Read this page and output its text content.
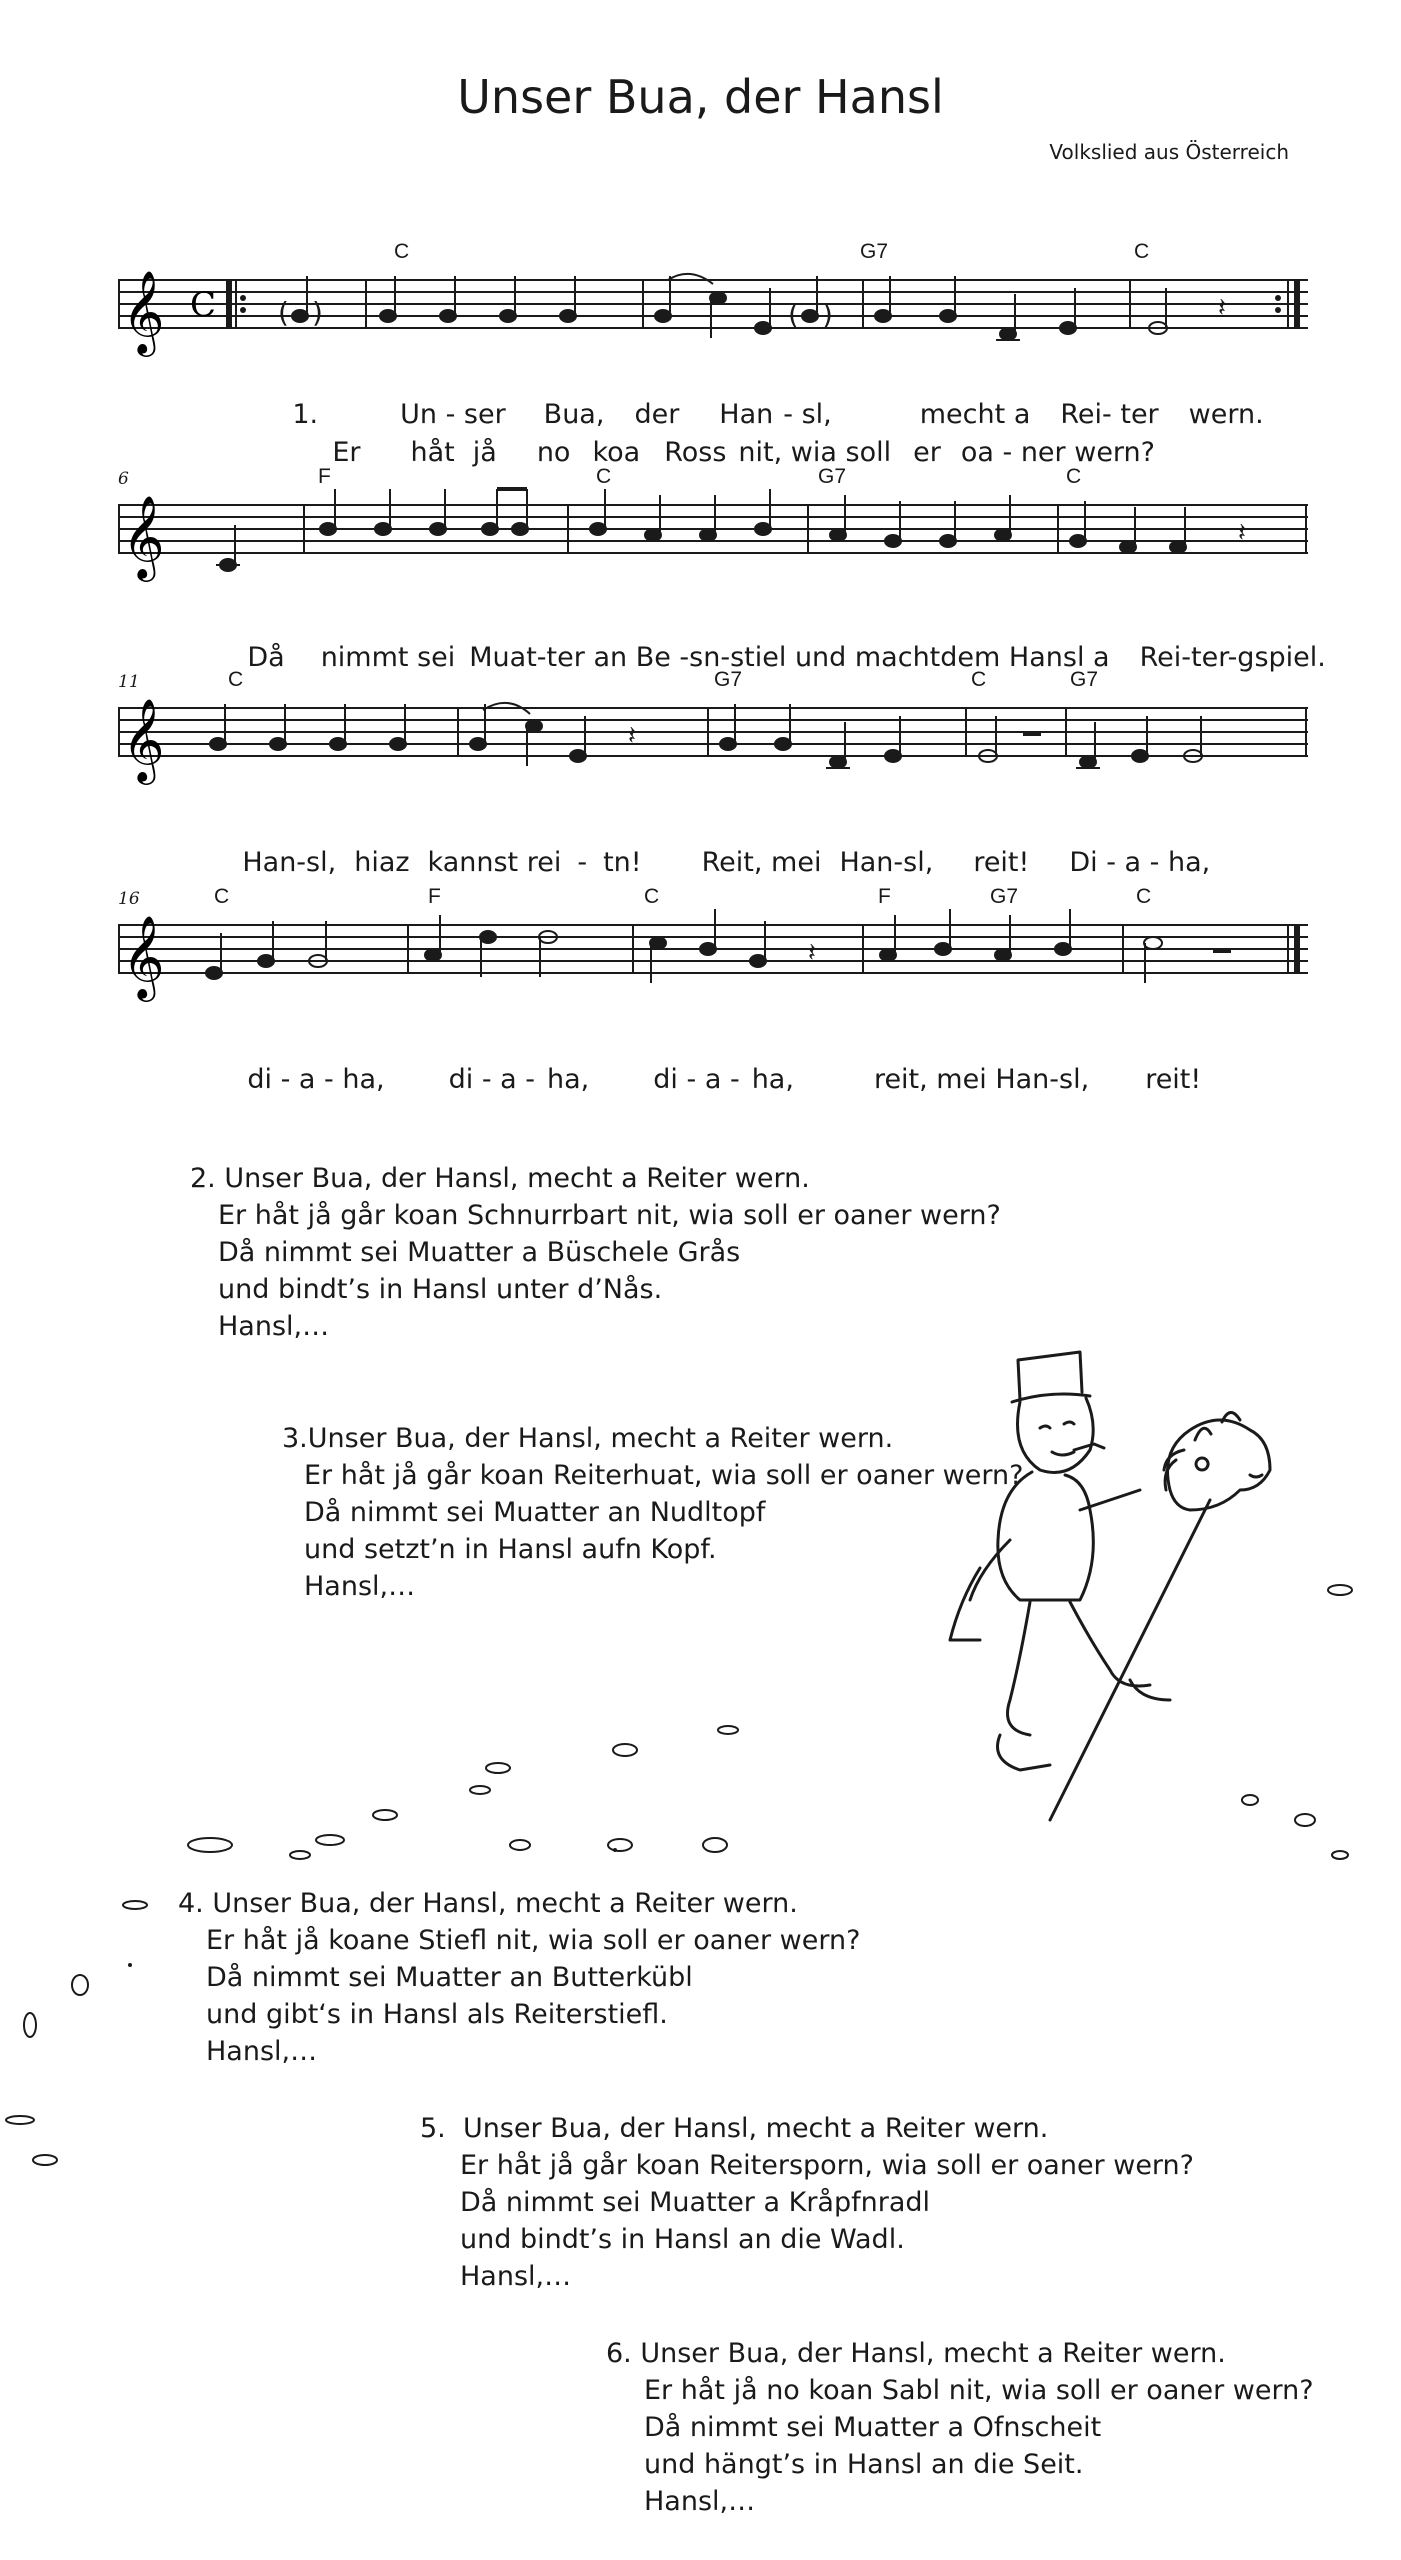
Unser Bua, der Hansl
Volkslied aus Österreich
C	G7	C
𝄞 C ( )	( )	𝄽

1.	Un - ser Bua, der Han - sl,	mecht a Rei- ter wern.

Er håt jå no koa Ross nit, wia soll er oa - ner wern?

6	F	C	G7	C
𝄞	𝄽

Då nimmt sei Muat-ter an Be -sn-stiel und machtdem Hansl a Rei-ter-gspiel.

11	C	G7	C	G7
𝄞	𝄽

Han-sl, hiaz kannst rei - tn! Reit, mei Han-sl, reit! Di - a - ha,

16	C	F	C	F	G7	C
𝄞	𝄽

di - a - ha, di - a - ha, di - a - ha,	reit, mei Han-sl, reit!

2. Unser Bua, der Hansl, mecht a Reiter wern.
Er håt jå går koan Schnurrbart nit, wia soll er oaner wern?
Då nimmt sei Muatter a Büschele Grås
und bindt’s in Hansl unter d’Nås.
Hansl,…
3.Unser Bua, der Hansl, mecht a Reiter wern.
Er håt jå går koan Reiterhuat, wia soll er oaner wern?
Då nimmt sei Muatter an Nudltopf
und setzt’n in Hansl aufn Kopf.
Hansl,…
4. Unser Bua, der Hansl, mecht a Reiter wern.
Er håt jå koane Stiefl nit, wia soll er oaner wern?
Då nimmt sei Muatter an Butterkübl
und gibt‘s in Hansl als Reiterstiefl.
Hansl,…
5. Unser Bua, der Hansl, mecht a Reiter wern.
Er håt jå går koan Reitersporn, wia soll er oaner wern?
Då nimmt sei Muatter a Kråpfnradl
und bindt’s in Hansl an die Wadl.
Hansl,…
6. Unser Bua, der Hansl, mecht a Reiter wern.
Er håt jå no koan Sabl nit, wia soll er oaner wern?
Då nimmt sei Muatter a Ofnscheit
und hängt’s in Hansl an die Seit.
Hansl,…
